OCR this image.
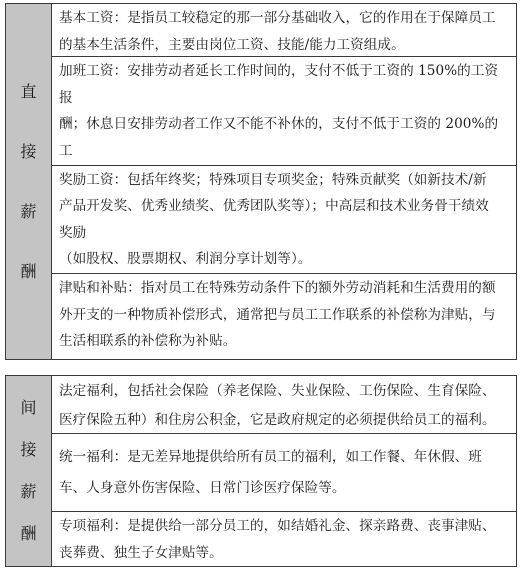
直
接
薪
酬
基本工资：是指员工较稳定的那一部分基础收入，它的作用在于保障员工
的基本生活条件，主要由岗位工资、技能/能力工资组成。
加班工资：安排劳动者延长工作时间的，支付不低于工资的 150%的工资报
酬；休息日安排劳动者工作又不能不补休的，支付不低于工资的 200%的工
奖励工资：包括年终奖；特殊项目专项奖金；特殊贡献奖（如新技术/新
产品开发奖、优秀业绩奖、优秀团队奖等）；中高层和技术业务骨干绩效
奖励
（如股权、股票期权、利润分享计划等）。
津贴和补贴：指对员工在特殊劳动条件下的额外劳动消耗和生活费用的额
外开支的一种物质补偿形式，通常把与员工工作联系的补偿称为津贴，与
生活相联系的补偿称为补贴。
间
接
薪
酬
法定福利，包括社会保险（养老保险、失业保险、工伤保险、生育保险、
医疗保险五种）和住房公积金，它是政府规定的必须提供给员工的福利。
统一福利：是无差异地提供给所有员工的福利，如工作餐、年休假、班
车、人身意外伤害保险、日常门诊医疗保险等。
专项福利：是提供给一部分员工的，如结婚礼金、探亲路费、丧事津贴、
丧葬费、独生子女津贴等。
